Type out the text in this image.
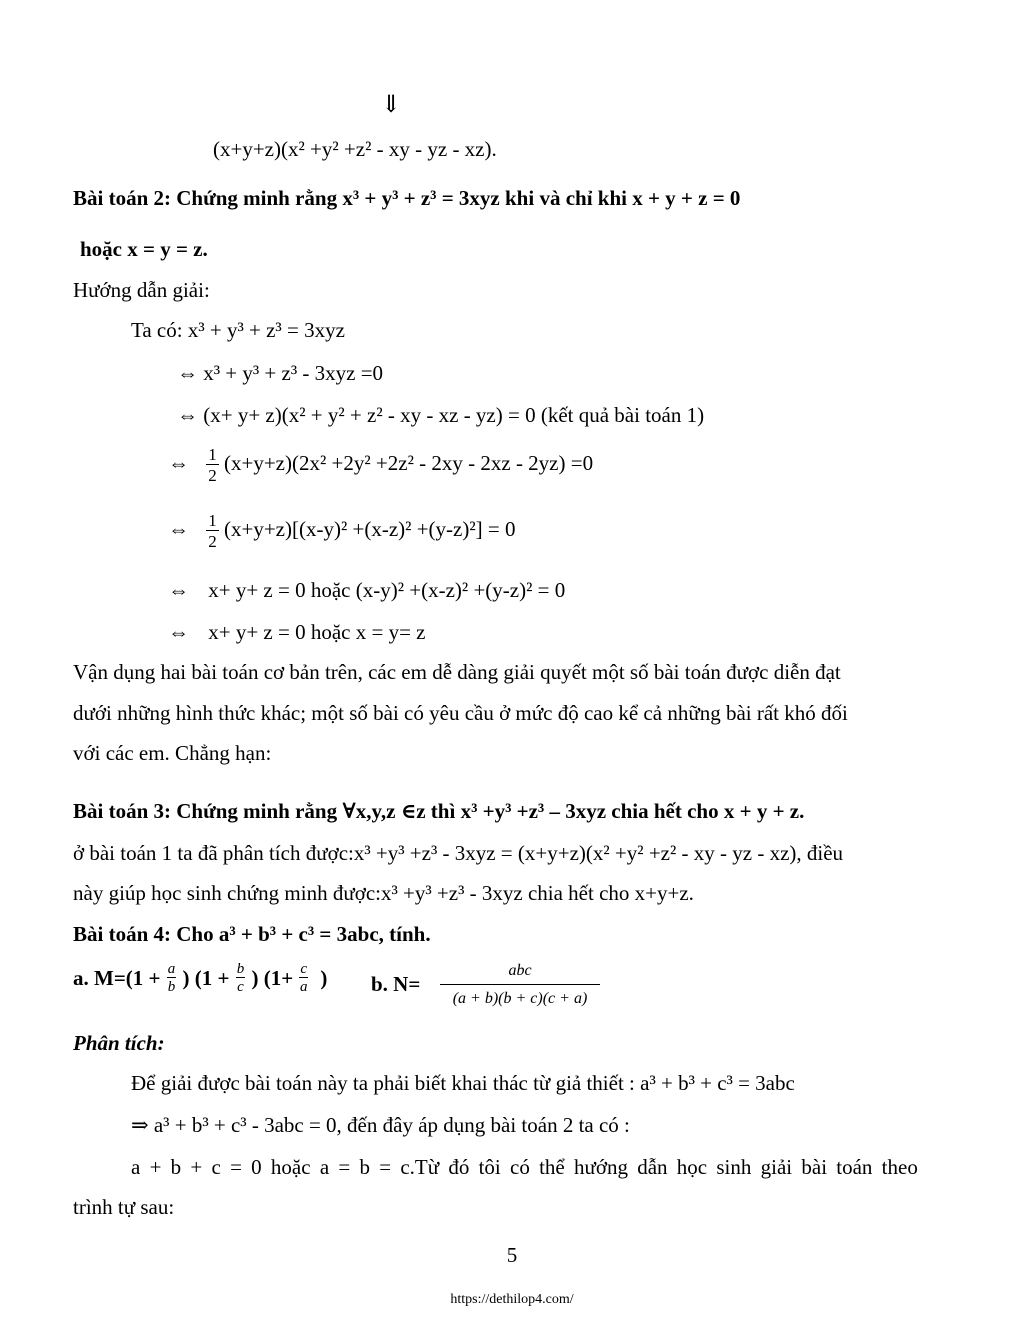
⇓
(x+y+z)(x² +y² +z² - xy - yz - xz).
Bài toán 2: Chứng minh rằng x³ + y³ + z³ = 3xyz khi và chỉ khi x + y + z = 0
hoặc x = y = z.
Hướng dẫn giải:
Ta có: x³ + y³ + z³ = 3xyz
⇔ x³ + y³ + z³ - 3xyz =0
⇔ (x+ y+ z)(x² + y² + z² - xy - xz - yz) = 0 (kết quả bài toán 1)
⇔ $\frac{1}{2} (x+y+z)(2x^2 +2y^2 +2z^2 - 2xy - 2xz - 2yz) =0$
⇔ $\frac{1}{2} (x+y+z)[(x-y)^2 +(x-z)^2 +(y-z)^2] = 0$
⇔ x+ y+ z = 0 hoặc (x-y)² +(x-z)² +(y-z)² = 0
⇔ x+ y+ z = 0 hoặc x = y= z
Vận dụng hai bài toán cơ bản trên, các em dễ dàng giải quyết một số bài toán được diễn đạt
dưới những hình thức khác; một số bài có yêu cầu ở mức độ cao kể cả những bài rất khó đối
với các em. Chẳng hạn:
Bài toán 3: Chứng minh rằng ∀x,y,z ∈z thì x³ +y³ +z³ – 3xyz chia hết cho x + y + z.
ở bài toán 1 ta đã phân tích được:x³ +y³ +z³ - 3xyz = (x+y+z)(x² +y² +z² - xy - yz - xz), điều
này giúp học sinh chứng minh được:x³ +y³ +z³ - 3xyz chia hết cho x+y+z.
Bài toán 4: Cho a³ + b³ + c³ = 3abc, tính.
a. $M=(1 + \frac{a}{b}$ ) ($1 + \frac{b}{c}$ ) ($1+ \frac{c}{a}$ ) b. N=
abc
(a + b)(b + c)(c + a)
Phân tích:
Để giải được bài toán này ta phải biết khai thác từ giả thiết : a³ + b³ + c³ = 3abc
⇒ a³ + b³ + c³ - 3abc = 0, đến đây áp dụng bài toán 2 ta có :
a + b + c = 0 hoặc a = b = c.Từ đó tôi có thể hướng dẫn học sinh giải bài toán theo
trình tự sau:
5
https://dethilop4.com/
